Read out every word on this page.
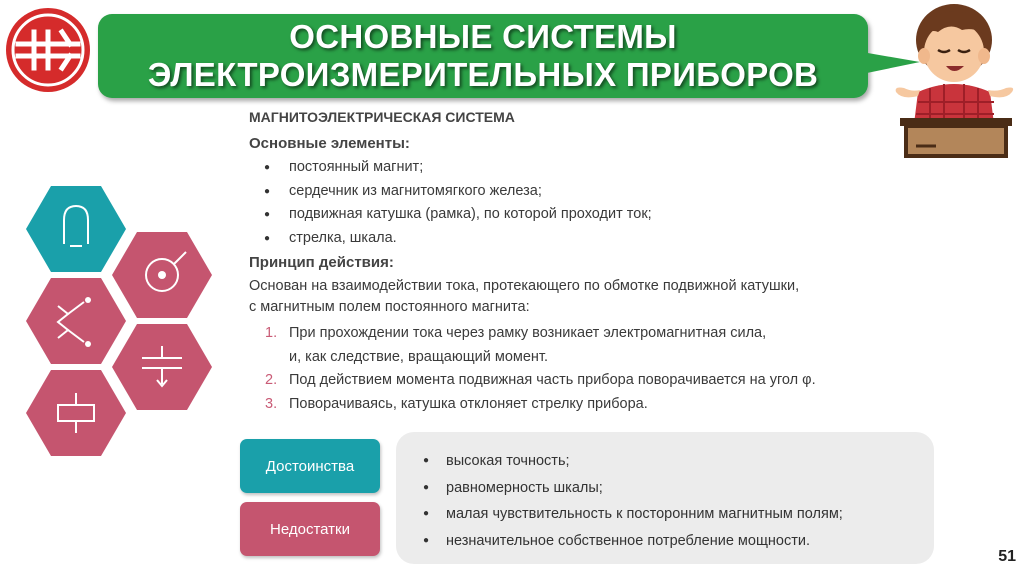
ОСНОВНЫЕ СИСТЕМЫ
ЭЛЕКТРОИЗМЕРИТЕЛЬНЫХ ПРИБОРОВ
МАГНИТОЭЛЕКТРИЧЕСКАЯ СИСТЕМА
Основные элементы:
● постоянный магнит;
● сердечник из магнитомягкого железа;
● подвижная катушка (рамка), по которой проходит ток;
● стрелка, шкала.
Принцип действия:
Основан на взаимодействии тока, протекающего по обмотке подвижной катушки,
с магнитным полем постоянного магнита:
1. При прохождении тока через рамку возникает электромагнитная сила,
и, как следствие, вращающий момент.
2. Под действием момента подвижная часть прибора поворачивается на угол φ.
3. Поворачиваясь, катушка отклоняет стрелку прибора.
Достоинства
Недостатки
● высокая точность;
● равномерность шкалы;
● малая чувствительность к посторонним магнитным полям;
● незначительное собственное потребление мощности.
51
